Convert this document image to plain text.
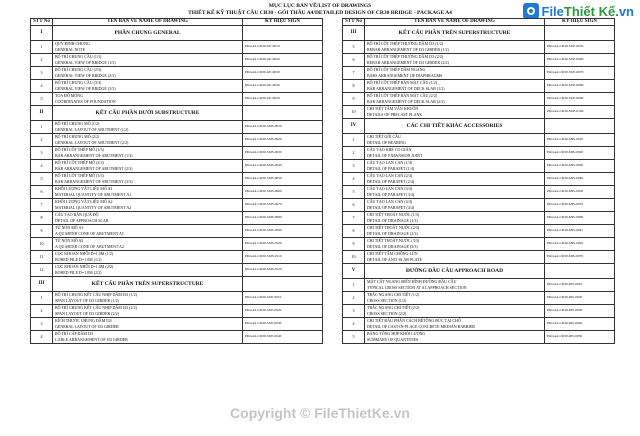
MỤC LỤC BẢN VẼ/LIST OF DRAWINGS
THIẾT KẾ KỸ THUẬT CẦU CR30 - GÓI THẦU A4/DETAILED DESIGN OF CR30 BRIDGE - PACKAGE A4	FileThiết Kế.vn
STT No	TÊN BẢN VẼ NAME OF DRAWING	KÝ HIỆU SIGN
I	PHẦN CHUNG GENERAL	
1	QUY ĐỊNH CHUNG
GENERAL NOTE	PKGA4-CR30-GE-0010
2	BỐ TRÍ CHUNG CẦU (1/3)
GENERAL VIEW OF BRIDGE (1/3)	PKGA4-CR30-GE-0020
3	BỐ TRÍ CHUNG CẦU (2/3)
GENERAL VIEW OF BRIDGE (2/3)	PKGA4-CR30-GE-0030
4	BỐ TRÍ CHUNG CẦU (3/3)
GENERAL VIEW OF BRIDGE (3/3)	PKGA4-CR30-GE-0040
5	TỌA ĐỘ MÓNG
COORDINATES OF FOUNDATION	PKGA4-CR30-GE-0050
II	KẾT CẤU PHẦN DƯỚI SUBSTRUCTURE	
1	BỐ TRÍ CHUNG MỐ (1/2)
GENERAL LAYOUT OF ABUTMENT (1/2)	PKGA4-CR30-SUB-0010
2	BỐ TRÍ CHUNG MỐ (2/2)
GENERAL LAYOUT OF ABUTMENT (2/2)	PKGA4-CR30-SUB-0020
3	BỐ TRÍ CỐT THÉP MỐ (1/3)
BAR ARRANGEMENT OF ABUTMENT (1/3)	PKGA4-CR30-SUB-0030
4	BỐ TRÍ CỐT THÉP MỐ (2/3)
BAR ARRANGEMENT OF ABUTMENT (2/3)	PKGA4-CR30-SUB-0040
5	BỐ TRÍ CỐT THÉP MỐ (3/3)
BAR ARRANGEMENT OF ABUTMENT (3/3)	PKGA4-CR30-SUB-0050
6	KHỐI LƯỢNG VẬT LIỆU MỐ A1
MATERIAL QUANTITY OF ABUTMENT A1	PKGA4-CR30-SUB-0060
7	KHỐI LƯỢNG VẬT LIỆU MỐ A2
MATERIAL QUANTITY OF ABUTMENT A2	PKGA4-CR30-SUB-0070
8	CẤU TẠO BẢN QUÁ ĐỘ
DETAIL OF APPROACH SLAB	PKGA4-CR30-SUB-0080
9	TỨ NÓN MỐ A1
A QUARTER CONE OF ABUTMENT A1	PKGA4-CR30-SUB-0090
10	TỨ NÓN MỐ A2
A QUARTER CONE OF ABUTMENT A2	PKGA4-CR30-SUB-0100
11	CỌC KHOAN NHỒI D=1.0M (1/2)
BORED PILE D=1.0M (1/2)	PKGA4-CR30-SUB-0110
12	CỌC KHOAN NHỒI D=1.0M (2/2)
BORED PILE D=1.0M (2/2)	PKGA4-CR30-SUB-0120
III	KẾT CẤU PHẦN TRÊN SUPERSTRUCTURE	
1	BỐ TRÍ CHUNG KẾT CẤU NHỊP DẦM I33 (1/2)
SPAN LAYOUT OF I33 GIRDER (1/2)	PKGA4-CR30-SUP-0010
2	BỐ TRÍ CHUNG KẾT CẤU NHỊP DẦM I33 (2/2)
SPAN LAYOUT OF I33 GIRDER (2/2)	PKGA4-CR30-SUP-0020
3	KÍCH THƯỚC CHUNG DẦM I33
GENERAL LAYOUT OF I33 GIRDER	PKGA4-CR30-SUP-0030
4	BỐ TRÍ CÁP DẦM I33
CABLE ARRANGEMENT OF I33 GIRDER	PKGA4-CR30-SUP-0040
STT No	TÊN BẢN VẼ NAME OF DRAWING	KÝ HIỆU SIGN
III	KẾT CẤU PHẦN TRÊN SUPERSTRUCTURE	
5	BỐ TRÍ CỐT THÉP THƯỜNG DẦM I33 (1/2)
REBAR ARRANGEMENT OF I33 GIRDER (1/2)	PKGA4-CR30-SUP-0050
6	BỐ TRÍ CỐT THÉP THƯỜNG DẦM I33 (2/2)
REBAR ARRANGEMENT OF I33 GIRDER (2/2)	PKGA4-CR30-SUP-0060
7	BỐ TRÍ CỐT THÉP DẦM NGANG
BARS ARRANGEMENT OF DIAPHRAGMS	PKGA4-CR30-SUP-0070
8	BỐ TRÍ CỐT THÉP BẢN MẶT CẦU (1/2)
BAR ARRANGEMENT OF DECK SLAB (1/2)	PKGA4-CR30-SUP-0080
9	BỐ TRÍ CỐT THÉP BẢN MẶT CẦU (2/2)
BAR ARRANGEMENT OF DECK SLAB (2/2)	PKGA4-CR30-SUP-0090
10	CHI TIẾT TẤM VÁN KHUÔN
DETAILS OF PRECAST PLANK	PKGA4-CR30-SUP-0100
IV	CÁC CHI TIẾT KHÁC ACCESSORIES	
1	CHI TIẾT GỐI CẦU
DETAIL OF BEARING	PKGA4-CR30-MIS-0010
2	CẤU TẠO KHE CO GIÃN
DETAIL OF EXPANSION JOINT	PKGA4-CR30-MIS-0020
3	CẤU TẠO LAN CAN (1/4)
DETAIL OF PARAPET (1/4)	PKGA4-CR30-MIS-0030
4	CẤU TẠO LAN CAN (2/4)
DETAIL OF PARAPET (2/4)	PKGA4-CR30-MIS-0040
5	CẤU TẠO LAN CAN (3/4)
DETAIL OF PARAPET (3/4)	PKGA4-CR30-MIS-0050
6	CẤU TẠO LAN CAN (4/4)
DETAIL OF PARAPET (4/4)	PKGA4-CR30-MIS-0055
7	CHI TIẾT THOÁT NƯỚC (1/3)
DETAIL OF DRAINAGE (1/3)	PKGA4-CR30-MIS-0060
8	CHI TIẾT THOÁT NƯỚC (2/3)
DETAIL OF DRAINAGE (2/3)	PKGA4-CR30-MIS-0061
9	CHI TIẾT THOÁT NƯỚC (3/3)
DETAIL OF DRAINAGE (3/3)	PKGA4-CR30-MIS-0062
10	CHI TIẾT TẤM CHỐNG LÚN
DETAIL OF ANTI-SLAB PLATE	PKGA4-CR30-MIS-0070
V	ĐƯỜNG ĐẦU CẦU APPROACH ROAD	
1	MẶT CẮT NGANG ĐIỂN HÌNH ĐƯỜNG ĐẦU CẦU
TYPICAL CROSS SECTION AT A1 APPROACH SECTION	PKGA4-CR30-RW-0010
2	TRẮC NGANG CHI TIẾT (1/2)
CROSS SECTION (1/2)	PKGA4-CR30-RW-0020
3	TRẮC NGANG CHI TIẾT (2/2)
CROSS SECTION (2/2)	PKGA4-CR30-RW-0030
4	CHI TIẾT ĐẦU PHÂN CÁCH BÊTÔNG ĐÚC TẠI CHỖ
DETAIL OF CAST-IN-PLACE CONCRETE MEDIAN BARRIER	PKGA4-CR30-RW-0040
5	BẢNG TỔNG HỢP KHỐI LƯỢNG
SUMMARY OF QUANTITIES	PKGA4-CR30-RW-0050
Copyright © FileThietKe.vn
